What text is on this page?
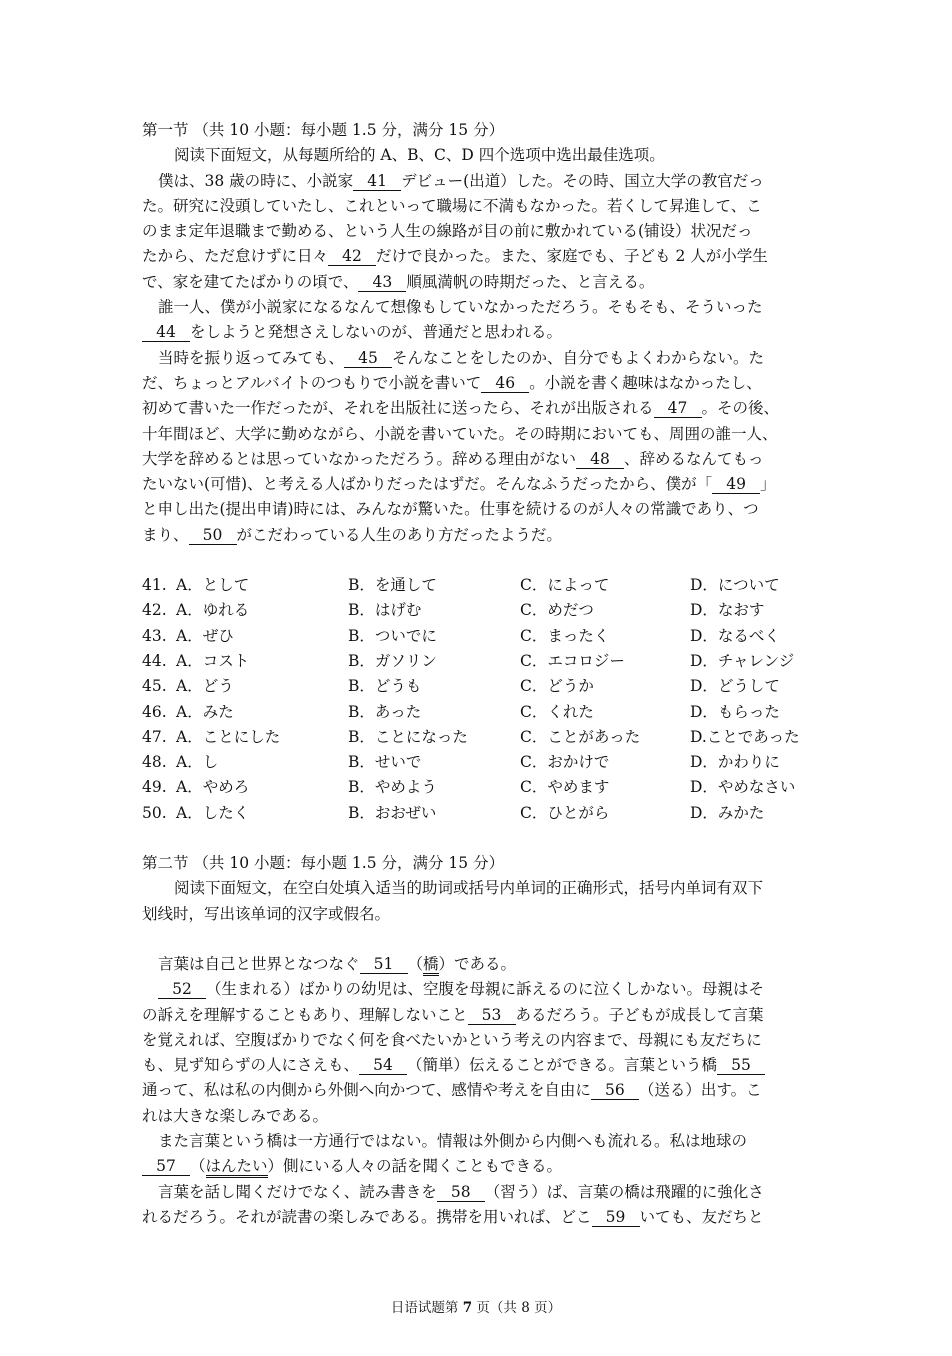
第一节 （共 10 小题：每小题 1.5 分，满分 15 分）
阅读下面短文，从每题所给的 A、B、C、D 四个选项中选出最佳选项。
僕は、38 歳の時に、小説家 41 デビュー(出道）した。その時、国立大学の教官だっ
た。研究に没頭していたし、これといって職場に不満もなかった。若くして昇進して、こ
のまま定年退職まで勤める、という人生の線路が目の前に敷かれている(铺设）状况だっ
たから、ただ怠けずに日々 42 だけで良かった。また、家庭でも、子ども 2 人が小学生
で、家を建てたばかりの頃で、 43 順風満帆の時期だった、と言える。
誰一人、僕が小説家になるなんて想像もしていなかっただろう。そもそも、そういった
44 をしようと発想さえしないのが、普通だと思われる。
当時を振り返ってみても、 45 そんなことをしたのか、自分でもよくわからない。た
だ、ちょっとアルバイトのつもりで小説を書いて 46 。小説を書く趣味はなかったし、
初めて書いた一作だったが、それを出版社に送ったら、それが出版される 47 。その後、
十年間ほど、大学に勤めながら、小説を書いていた。その時期においても、周囲の誰一人、
大学を辞めるとは思っていなかっただろう。辞める理由がない 48 、辞めるなんてもっ
たいない(可惜)、と考える人ばかりだったはずだ。そんなふうだったから、僕が「 49 」
と申し出た(提出申请)時には、みんなが驚いた。仕事を続けるのが人々の常識であり、つ
まり、 50 がこだわっている人生のあり方だったようだ。
41. A．として	B．を通して	C．によって	D．について
42. A．ゆれる	B．はげむ	C．めだつ	D．なおす
43. A．ぜひ	B．ついでに	C．まったく	D．なるべく
44. A．コスト	B．ガソリン	C．エコロジー	D．チャレンジ
45. A．どう	B．どうも	C．どうか	D．どうして
46. A．みた	B．あった	C．くれた	D．もらった
47. A．ことにした	B．ことになった	C．ことがあった	D.ことであった
48. A．し	B．せいで	C．おかけで	D．かわりに
49. A．やめろ	B．やめよう	C．やめます	D．やめなさい
50. A．したく	B．おおぜい	C．ひとがら	D．みかた
第二节 （共 10 小题：每小题 1.5 分，满分 15 分）
阅读下面短文，在空白处填入适当的助词或括号内单词的正确形式，括号内单词有双下
划线时，写出该单词的汉字或假名。
言葉は自己と世界となつなぐ 51 （橋）である。
52 （生まれる）ばかりの幼児は、空腹を母親に訴えるのに泣くしかない。母親はそ
の訴えを理解することもあり、理解しないこと 53 あるだろう。子どもが成長して言葉
を覚えれば、空腹ばかりでなく何を食べたいかという考えの内容まで、母親にも友だちに
も、見ず知らずの人にさえも、 54 （簡単）伝えることができる。言葉という橋 55
通って、私は私の内側から外側へ向かつて、感情や考えを自由に 56 （送る）出す。こ
れは大きな楽しみである。
また言葉という橋は一方通行ではない。情報は外側から内側へも流れる。私は地球の
57 （はんたい）側にいる人々の話を聞くこともできる。
言葉を話し聞くだけでなく、読み書きを 58 （習う）ば、言葉の橋は飛躍的に強化さ
れるだろう。それが読書の楽しみである。携帯を用いれば、どこ 59 いても、友だちと
日语试题第 7 页（共 8 页）
